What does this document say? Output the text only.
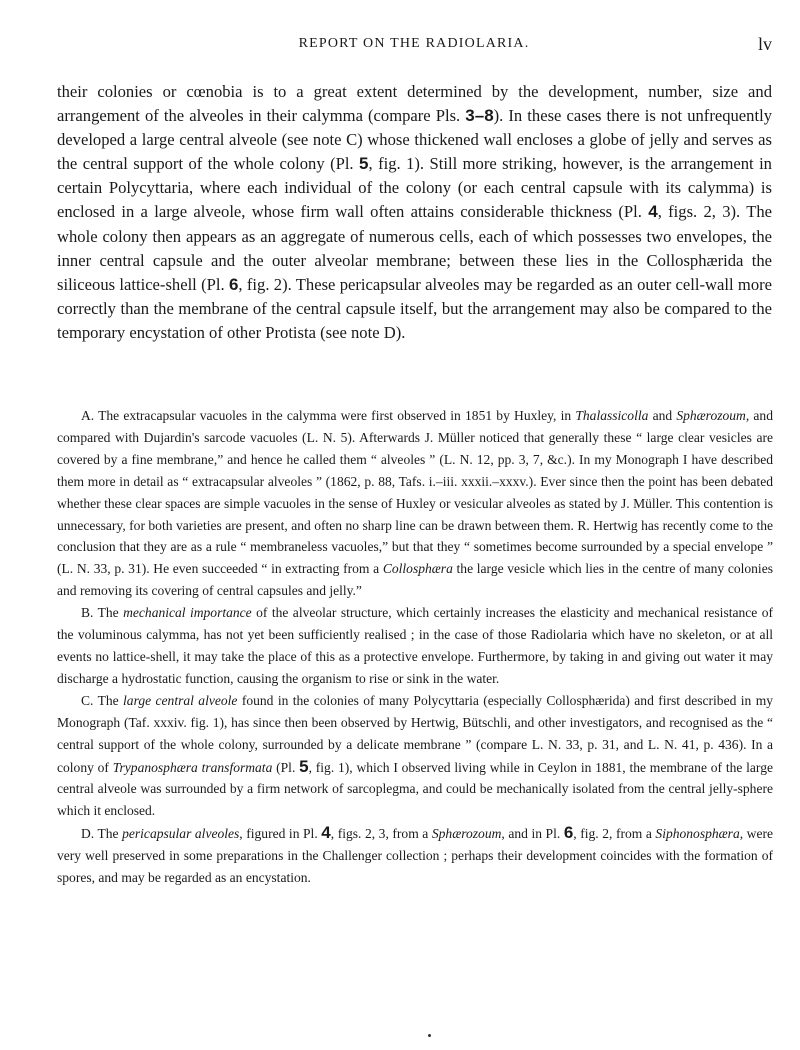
REPORT ON THE RADIOLARIA.	lv

their colonies or cœnobia is to a great extent determined by the development, number, size and arrangement of the alveoles in their calymma (compare Pls. 3–8). In these cases there is not unfrequently developed a large central alveole (see note C) whose thickened wall encloses a globe of jelly and serves as the central support of the whole colony (Pl. 5, fig. 1). Still more striking, however, is the arrangement in certain Polycyttaria, where each individual of the colony (or each central capsule with its calymma) is enclosed in a large alveole, whose firm wall often attains considerable thickness (Pl. 4, figs. 2, 3). The whole colony then appears as an aggregate of numerous cells, each of which possesses two envelopes, the inner central capsule and the outer alveolar membrane; between these lies in the Collosphærida the siliceous lattice-shell (Pl. 6, fig. 2). These pericapsular alveoles may be regarded as an outer cell-wall more correctly than the membrane of the central capsule itself, but the arrangement may also be compared to the temporary encystation of other Protista (see note D).

A. The extracapsular vacuoles in the calymma were first observed in 1851 by Huxley, in Thalassicolla and Sphærozoum, and compared with Dujardin's sarcode vacuoles (L. N. 5). Afterwards J. Müller noticed that generally these “ large clear vesicles are covered by a fine membrane,” and hence he called them “ alveoles ” (L. N. 12, pp. 3, 7, &c.). In my Monograph I have described them more in detail as “ extracapsular alveoles ” (1862, p. 88, Tafs. i.–iii. xxxii.–xxxv.). Ever since then the point has been debated whether these clear spaces are simple vacuoles in the sense of Huxley or vesicular alveoles as stated by J. Müller. This contention is unnecessary, for both varieties are present, and often no sharp line can be drawn between them. R. Hertwig has recently come to the conclusion that they are as a rule “ membraneless vacuoles,” but that they “ sometimes become surrounded by a special envelope ” (L. N. 33, p. 31). He even succeeded “ in extracting from a Collosphæra the large vesicle which lies in the centre of many colonies and removing its covering of central capsules and jelly.”

B. The mechanical importance of the alveolar structure, which certainly increases the elasticity and mechanical resistance of the voluminous calymma, has not yet been sufficiently realised ; in the case of those Radiolaria which have no skeleton, or at all events no lattice-shell, it may take the place of this as a protective envelope. Furthermore, by taking in and giving out water it may discharge a hydrostatic function, causing the organism to rise or sink in the water.

C. The large central alveole found in the colonies of many Polycyttaria (especially Collosphærida) and first described in my Monograph (Taf. xxxiv. fig. 1), has since then been observed by Hertwig, Bütschli, and other investigators, and recognised as the “ central support of the whole colony, surrounded by a delicate membrane ” (compare L. N. 33, p. 31, and L. N. 41, p. 436). In a colony of Trypanosphæra transformata (Pl. 5, fig. 1), which I observed living while in Ceylon in 1881, the membrane of the large central alveole was surrounded by a firm network of sarcoplegma, and could be mechanically isolated from the central jelly-sphere which it enclosed.

D. The pericapsular alveoles, figured in Pl. 4, figs. 2, 3, from a Sphærozoum, and in Pl. 6, fig. 2, from a Siphonosphæra, were very well preserved in some preparations in the Challenger collection ; perhaps their development coincides with the formation of spores, and may be regarded as an encystation.
